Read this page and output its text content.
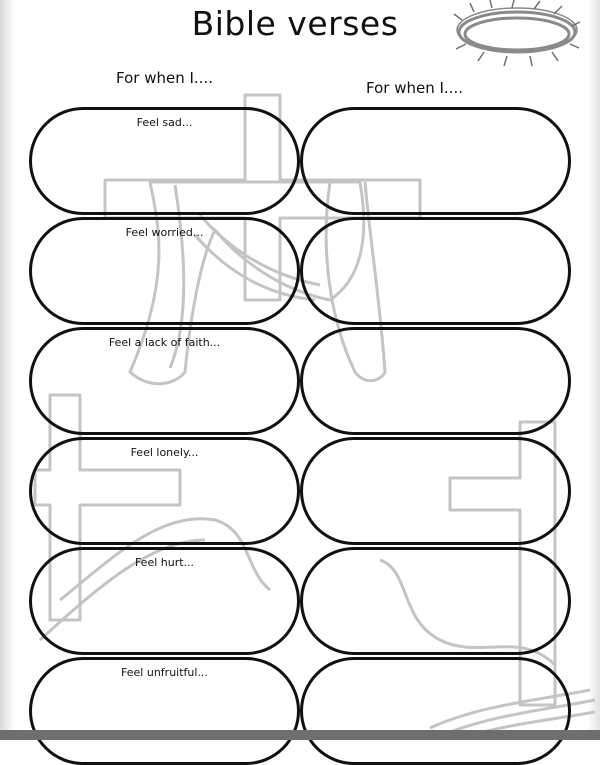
Bible verses
For when I....
For when I....
Feel sad...
Feel worried...
Feel a lack of faith...
Feel lonely...
Feel hurt...
Feel unfruitful...
